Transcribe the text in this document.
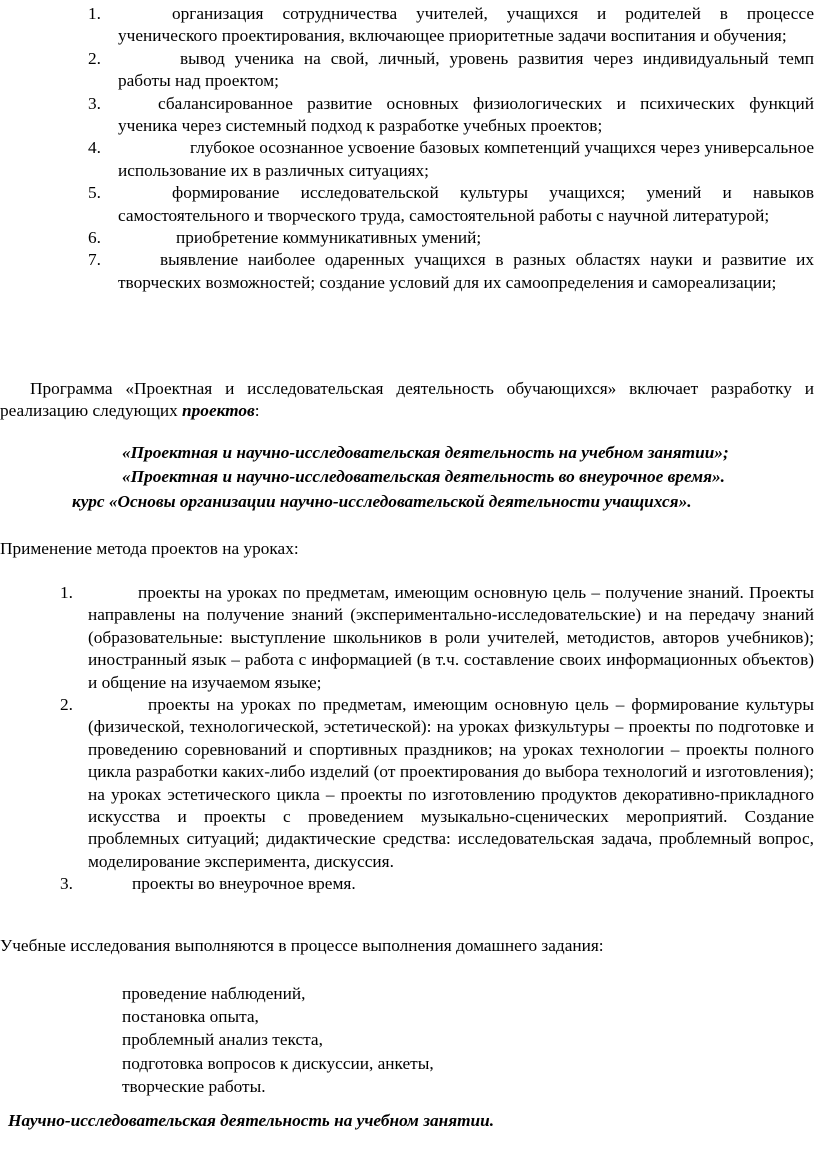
1.	организация сотрудничества учителей, учащихся и родителей в процессе ученического проектирования, включающее приоритетные задачи воспитания и обучения;
2.	вывод ученика на свой, личный, уровень развития через индивидуальный темп работы над проектом;
3.	сбалансированное развитие основных физиологических и психических функций ученика через системный подход к разработке учебных проектов;
4.	глубокое осознанное усвоение базовых компетенций учащихся через универсальное использование их в различных ситуациях;
5.	формирование исследовательской культуры учащихся; умений и навыков самостоятельного и творческого труда, самостоятельной работы с научной литературой;
6.	приобретение коммуникативных умений;
7.	выявление наиболее одаренных учащихся в разных областях науки и развитие их творческих возможностей; создание условий для их самоопределения и самореализации;

Программа «Проектная и исследовательская деятельность обучающихся» включает разработку и реализацию следующих проектов:

«Проектная и научно-исследовательская деятельность на учебном занятии»;

«Проектная и научно-исследовательская деятельность во внеурочное время».

курс «Основы организации научно-исследовательской деятельности учащихся».

Применение метода проектов на уроках:

1.	проекты на уроках по предметам, имеющим основную цель – получение знаний. Проекты направлены на получение знаний (экспериментально-исследовательские) и на передачу знаний (образовательные: выступление школьников в роли учителей, методистов, авторов учебников); иностранный язык – работа с информацией (в т.ч. составление своих информационных объектов) и общение на изучаемом языке;
2.	проекты на уроках по предметам, имеющим основную цель – формирование культуры (физической, технологической, эстетической): на уроках физкультуры – проекты по подготовке и проведению соревнований и спортивных праздников; на уроках технологии – проекты полного цикла разработки каких-либо изделий (от проектирования до выбора технологий и изготовления); на уроках эстетического цикла – проекты по изготовлению продуктов декоративно-прикладного искусства и проекты с проведением музыкально-сценических мероприятий. Создание проблемных ситуаций; дидактические средства: исследовательская задача, проблемный вопрос, моделирование эксперимента, дискуссия.
3.	проекты во внеурочное время.

Учебные исследования выполняются в процессе выполнения домашнего задания:

проведение наблюдений,
постановка опыта,
проблемный анализ текста,
подготовка вопросов к дискуссии, анкеты,
творческие работы.

Научно-исследовательская деятельность на учебном занятии.
